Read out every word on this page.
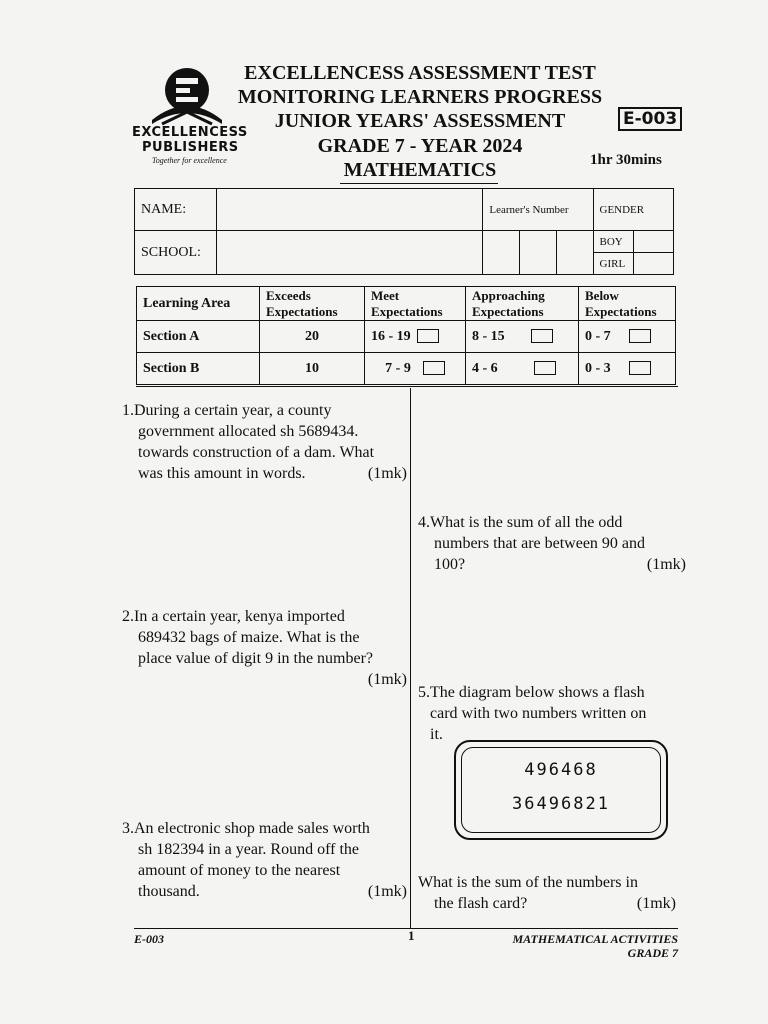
EXCELLENCESS
PUBLISHERS
Together for excellence
EXCELLENCESS ASSESSMENT TEST
MONITORING LEARNERS PROGRESS
JUNIOR YEARS' ASSESSMENT
GRADE 7 - YEAR 2024
MATHEMATICS
E-003
1hr 30mins
NAME:		Learner's Number			GENDER	
SCHOOL:					BOY	
					GIRL	
Learning Area	Exceeds Expectations	Meet Expectations	Approaching Expectations	Below Expectations
Section A	20	16 - 19	8 - 15	0 - 7
Section B	10	7 - 9	4 - 6	0 - 3
1.During a certain year, a county
government allocated sh 5689434.
towards construction of a dam. What
was this amount in words.	(1mk)
2.In a certain year, kenya imported
689432 bags of maize. What is the
place value of digit 9 in the number?
(1mk)
3.An electronic shop made sales worth
sh 182394 in a year. Round off the
amount of money to the nearest
thousand.	(1mk)
4.What is the sum of all the odd
numbers that are between 90 and
100?	(1mk)
5.The diagram below shows a flash
card with two numbers written on
it.
496468
36496821
What is the sum of the numbers in
the flash card?	(1mk)
E-003	1	MATHEMATICAL ACTIVITIES
GRADE 7
